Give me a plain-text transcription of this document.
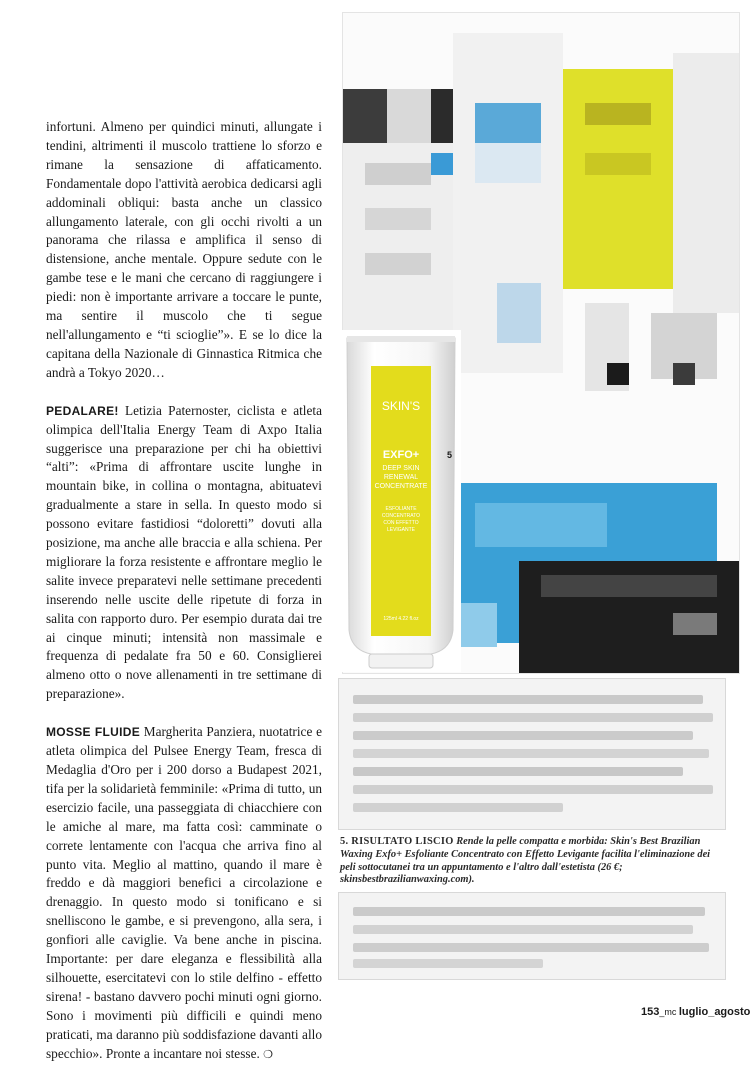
infortuni. Almeno per quindici minuti, allungate i tendini, altrimenti il muscolo trattiene lo sforzo e rimane la sensazione di affaticamento. Fondamentale dopo l'attività aerobica dedicarsi agli addominali obliqui: basta anche un classico allungamento laterale, con gli occhi rivolti a un panorama che rilassa e amplifica il senso di distensione, anche mentale. Oppure sedute con le gambe tese e le mani che cercano di raggiungere i piedi: non è importante arrivare a toccare le punte, ma sentire il muscolo che ti segue nell'allungamento e “ti scioglie”». E se lo dice la capitana della Nazionale di Ginnastica Ritmica che andrà a Tokyo 2020…

PEDALARE! Letizia Paternoster, ciclista e atleta olimpica dell'Italia Energy Team di Axpo Italia suggerisce una preparazione per chi ha obiettivi “alti”: «Prima di affrontare uscite lunghe in mountain bike, in collina o montagna, abituatevi gradualmente a stare in sella. In questo modo si possono evitare fastidiosi “doloretti” dovuti alla posizione, ma anche alle braccia e alla schiena. Per migliorare la forza resistente e affrontare meglio le salite invece preparatevi nelle settimane precedenti inserendo nelle uscite delle ripetute di forza in salita con rapporto duro. Per esempio durata dai tre ai cinque minuti; intensità non massimale e frequenza di pedalate fra 50 e 60. Consiglierei almeno otto o nove allenamenti in tre settimane di preparazione».

MOSSE FLUIDE Margherita Panziera, nuotatrice e atleta olimpica del Pulsee Energy Team, fresca di Medaglia d'Oro per i 200 dorso a Budapest 2021, tifa per la solidarietà femminile: «Prima di tutto, un esercizio facile, una passeggiata di chiacchiere con le amiche al mare, ma fatta così: camminate o correte lentamente con l'acqua che arriva fino al punto vita. Meglio al mattino, quando il mare è freddo e dà maggiori benefici a circolazione e drenaggio. In questo modo si tonificano e si snelliscono le gambe, e si prevengono, alla sera, i gonfiori alle caviglie. Va bene anche in piscina. Importante: per dare eleganza e flessibilità alla silhouette, esercitatevi con lo stile delfino - effetto sirena! - bastano davvero pochi minuti ogni giorno. Sono i movimenti più difficili e quindi meno praticati, ma daranno più soddisfazione davanti allo specchio». Pronte a incantare noi stesse. ❍

SKIN'S
EXFO+
DEEP SKIN
RENEWAL
CONCENTRATE
ESFOLIANTE
CONCENTRATO
CON EFFETTO
LEVIGANTE
125ml 4.22 fl.oz
5
5. RISULTATO LISCIO Rende la pelle compatta e morbida: Skin's Best Brazilian Waxing Exfo+ Esfoliante Concentrato con Effetto Levigante facilita l'eliminazione dei peli sottocutanei tra un appuntamento e l'altro dall'estetista (26 €; skinsbestbrazilianwaxing.com).
153_mc luglio_agosto
